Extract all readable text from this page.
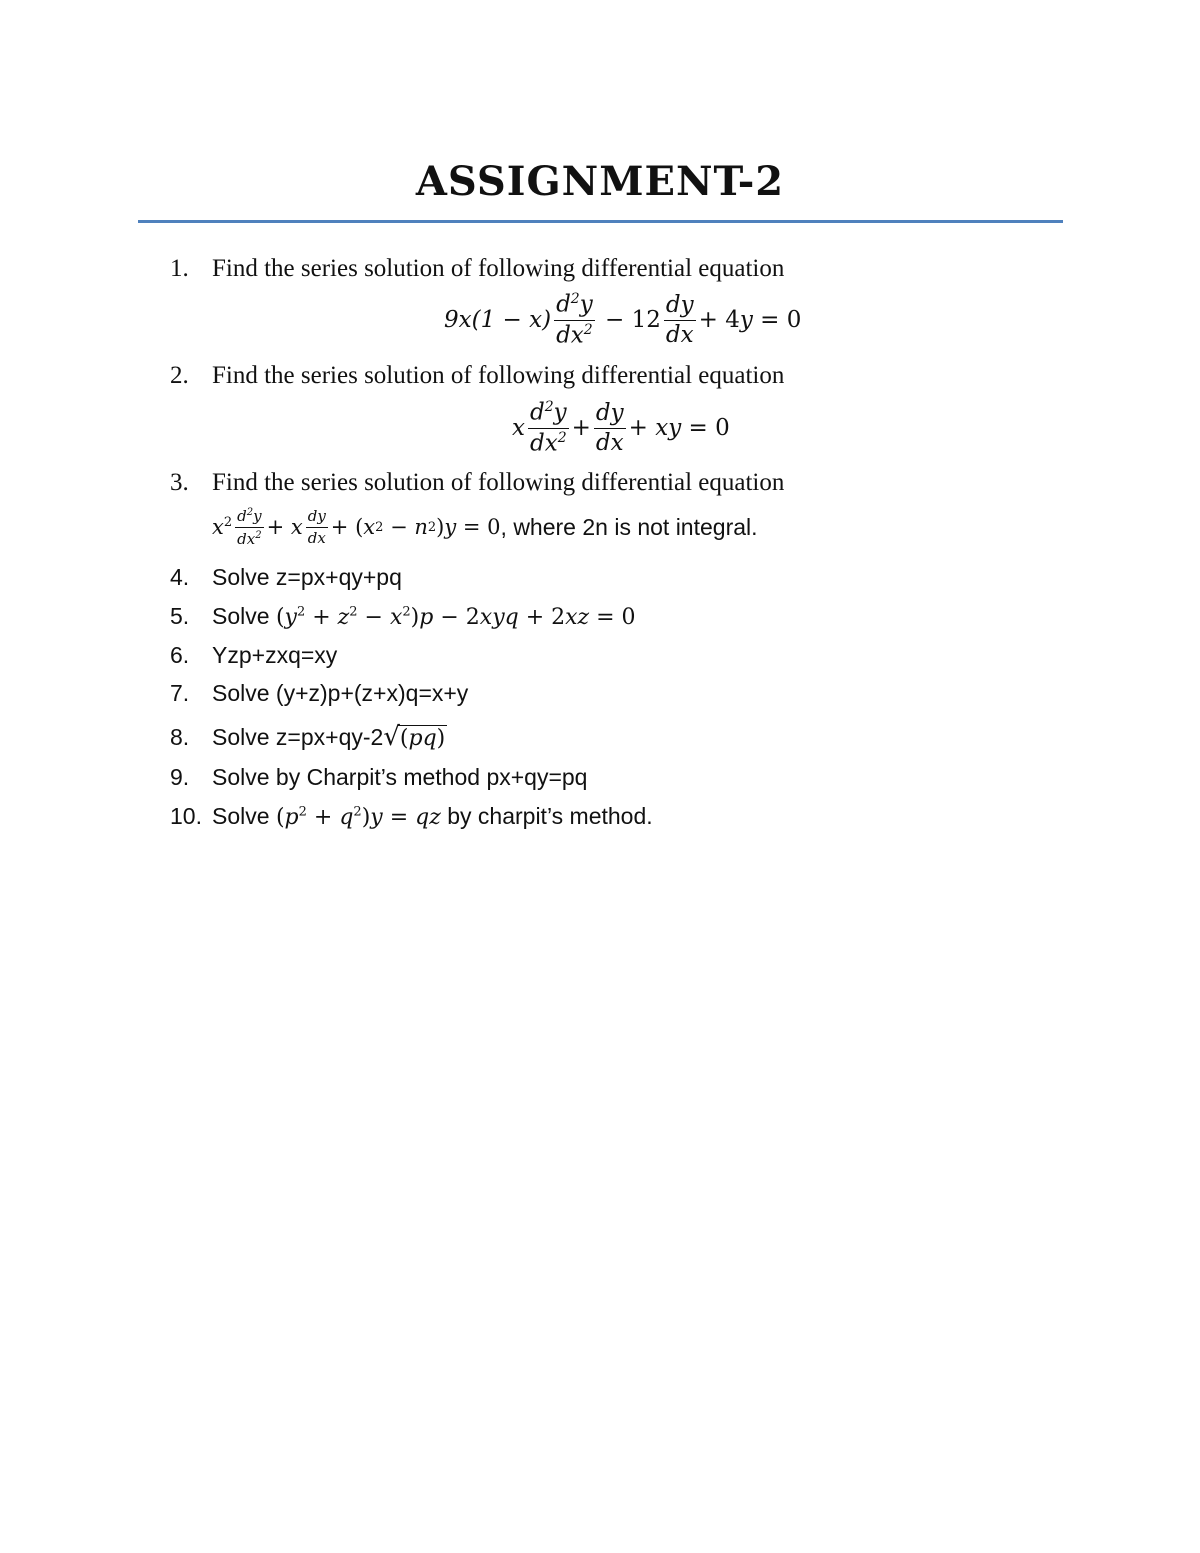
ASSIGNMENT-2
1. Find the series solution of following differential equation
$9x(1 - x) \frac{d^2y}{dx^2} - 12 \frac{dy}{dx} + 4$ y = 0
2. Find the series solution of following differential equation
x $\frac{d^2y}{dx^2} + \frac{dy}{dx}$ + xy = 0
3. Find the series solution of following differential equation
$x^2 \frac{d^2y}{dx^2} + x \frac{dy}{dx}$ + ( x 2 − n 2 ) y = 0 , where 2n is not integral.
4. Solve z=px+qy+pq
5. Solve $(y^2 + z^2 - x^2)p - 2xyq + 2xz = 0$
6. Yzp+zxq=xy
7. Solve (y+z)p+(z+x)q=x+y
8. Solve z=px+qy-2√(pq)
9. Solve by Charpit’s method px+qy=pq
10. Solve $(p^2 + q^2)y$ = qz by charpit’s method.
